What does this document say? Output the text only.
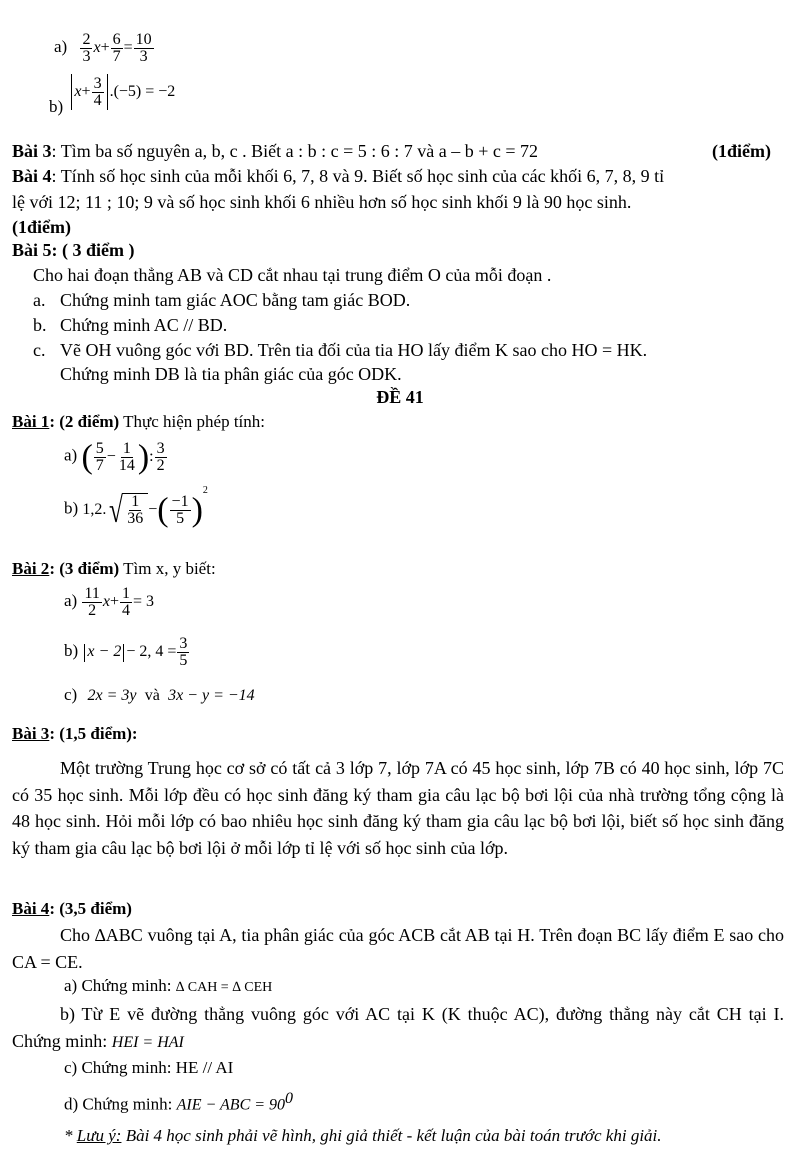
$a) \frac{2}{3} x+ \frac{6}{7} = \frac{10}{3}$
b) $x+ \frac{3}{4} .(-5) = -2$
Bài 3: Tìm ba số nguyên a, b, c . Biết a : b : c = 5 : 6 : 7 và a – b + c = 72	(1điểm)
Bài 4: Tính số học sinh của mỗi khối 6, 7, 8 và 9. Biết số học sinh của các khối 6, 7, 8, 9 tỉ
lệ với 12; 11 ; 10; 9 và số học sinh khối 6 nhiều hơn số học sinh khối 9 là 90 học sinh.
(1điểm)
Bài 5: ( 3 điểm )
Cho hai đoạn thẳng AB và CD cắt nhau tại trung điểm O của mỗi đoạn .
a. Chứng minh tam giác AOC bằng tam giác BOD.
b. Chứng minh AC // BD.
c. Vẽ OH vuông góc với BD. Trên tia đối của tia HO lấy điểm K sao cho HO = HK.
Chứng minh DB là tia phân giác của góc ODK.
ĐỀ 41
Bài 1: (2 điểm) Thực hiện phép tính:
a) ( $\frac{5}{7} - \frac{1}{14}$ ): $\frac{3}{2}$
b) 1,2. √ $\frac{1}{36}$ −( $\frac{-1}{5} )^2$
Bài 2: (3 điểm) Tìm x, y biết:
$a) \frac{11}{2} x+ \frac{1}{4} = 3$
b) x − 2 − 2, $4 = \frac{3}{5}$
c) 2x = 3y và 3x − y = −14
Bài 3: (1,5 điểm):
Một trường Trung học cơ sở có tất cả 3 lớp 7, lớp 7A có 45 học sinh, lớp 7B có 40 học sinh, lớp 7C có 35 học sinh. Mỗi lớp đều có học sinh đăng ký tham gia câu lạc bộ bơi lội của nhà trường tổng cộng là 48 học sinh. Hỏi mỗi lớp có bao nhiêu học sinh đăng ký tham gia câu lạc bộ bơi lội, biết số học sinh đăng ký tham gia câu lạc bộ bơi lội ở mỗi lớp tỉ lệ với số học sinh của lớp.
Bài 4: (3,5 điểm)
Cho ∆ABC vuông tại A, tia phân giác của góc ACB cắt AB tại H. Trên đoạn BC lấy điểm E sao cho CA = CE.
a) Chứng minh: ∆ CAH = ∆ CEH
b) Từ E vẽ đường thẳng vuông góc với AC tại K (K thuộc AC), đường thẳng này cắt CH tại I. Chứng minh: HEI = HAI
c) Chứng minh: HE // AI
d) Chứng minh: AIE − ABC = $90^0$
* Lưu ý: Bài 4 học sinh phải vẽ hình, ghi giả thiết - kết luận của bài toán trước khi giải.
